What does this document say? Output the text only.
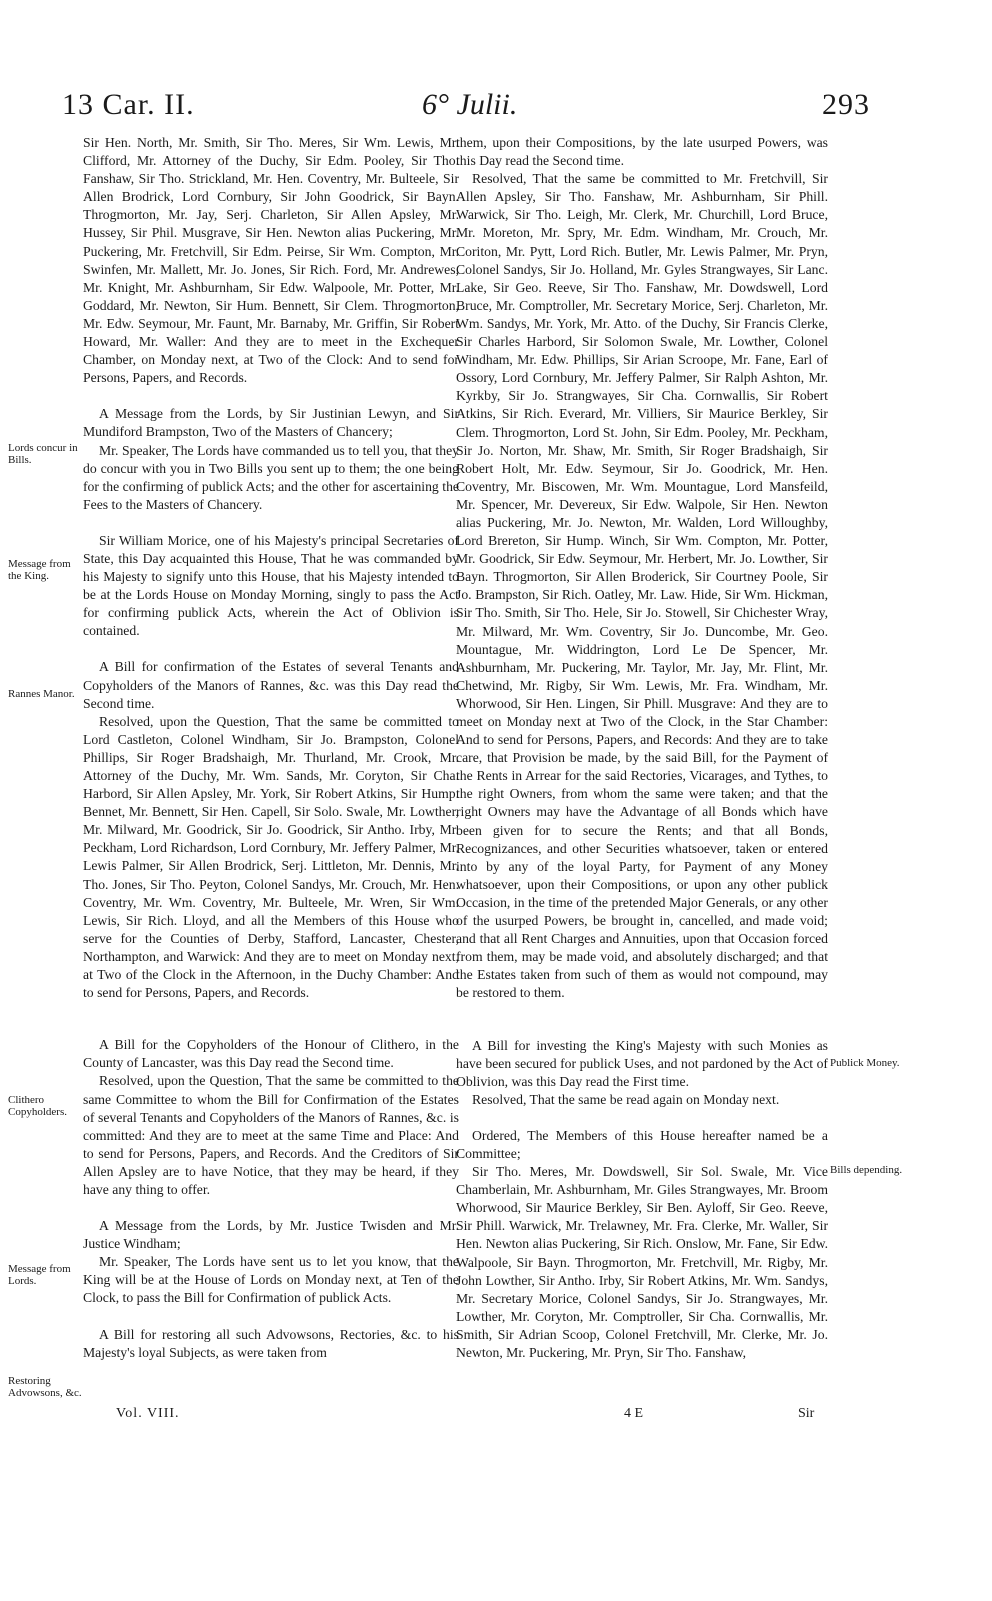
13 Car. II.	6° Julii.	293

Sir Hen. North, Mr. Smith, Sir Tho. Meres, Sir Wm. Lewis, Mr. Clifford, Mr. Attorney of the Duchy, Sir Edm. Pooley, Sir Tho. Fanshaw, Sir Tho. Strickland, Mr. Hen. Coventry, Mr. Bulteele, Sir Allen Brodrick, Lord Cornbury, Sir John Goodrick, Sir Bayn. Throgmorton, Mr. Jay, Serj. Charleton, Sir Allen Apsley, Mr. Hussey, Sir Phil. Musgrave, Sir Hen. Newton alias Puckering, Mr. Puckering, Mr. Fretchvill, Sir Edm. Peirse, Sir Wm. Compton, Mr. Swinfen, Mr. Mallett, Mr. Jo. Jones, Sir Rich. Ford, Mr. Andrewes, Mr. Knight, Mr. Ashburnham, Sir Edw. Walpoole, Mr. Potter, Mr. Goddard, Mr. Newton, Sir Hum. Bennett, Sir Clem. Throgmorton, Mr. Edw. Seymour, Mr. Faunt, Mr. Barnaby, Mr. Griffin, Sir Robert Howard, Mr. Waller: And they are to meet in the Exchequer Chamber, on Monday next, at Two of the Clock: And to send for Persons, Papers, and Records.

A Message from the Lords, by Sir Justinian Lewyn, and Sir Mundiford Brampston, Two of the Masters of Chancery;

Mr. Speaker, The Lords have commanded us to tell you, that they do concur with you in Two Bills you sent up to them; the one being for the confirming of publick Acts; and the other for ascertaining the Fees to the Masters of Chancery.

Sir William Morice, one of his Majesty's principal Secretaries of State, this Day acquainted this House, That he was commanded by his Majesty to signify unto this House, that his Majesty intended to be at the Lords House on Monday Morning, singly to pass the Act for confirming publick Acts, wherein the Act of Oblivion is contained.

A Bill for confirmation of the Estates of several Tenants and Copyholders of the Manors of Rannes, &c. was this Day read the Second time.

Resolved, upon the Question, That the same be committed to Lord Castleton, Colonel Windham, Sir Jo. Brampston, Colonel Phillips, Sir Roger Bradshaigh, Mr. Thurland, Mr. Crook, Mr. Attorney of the Duchy, Mr. Wm. Sands, Mr. Coryton, Sir Cha. Harbord, Sir Allen Apsley, Mr. York, Sir Robert Atkins, Sir Hump. Bennet, Mr. Bennett, Sir Hen. Capell, Sir Solo. Swale, Mr. Lowther, Mr. Milward, Mr. Goodrick, Sir Jo. Goodrick, Sir Antho. Irby, Mr. Peckham, Lord Richardson, Lord Cornbury, Mr. Jeffery Palmer, Mr. Lewis Palmer, Sir Allen Brodrick, Serj. Littleton, Mr. Dennis, Mr. Tho. Jones, Sir Tho. Peyton, Colonel Sandys, Mr. Crouch, Mr. Hen. Coventry, Mr. Wm. Coventry, Mr. Bulteele, Mr. Wren, Sir Wm. Lewis, Sir Rich. Lloyd, and all the Members of this House who serve for the Counties of Derby, Stafford, Lancaster, Chester, Northampton, and Warwick: And they are to meet on Monday next, at Two of the Clock in the Afternoon, in the Duchy Chamber: And to send for Persons, Papers, and Records.

A Bill for the Copyholders of the Honour of Clithero, in the County of Lancaster, was this Day read the Second time.

Resolved, upon the Question, That the same be committed to the same Committee to whom the Bill for Confirmation of the Estates of several Tenants and Copyholders of the Manors of Rannes, &c. is committed: And they are to meet at the same Time and Place: And to send for Persons, Papers, and Records. And the Creditors of Sir Allen Apsley are to have Notice, that they may be heard, if they have any thing to offer.

A Message from the Lords, by Mr. Justice Twisden and Mr. Justice Windham;

Mr. Speaker, The Lords have sent us to let you know, that the King will be at the House of Lords on Monday next, at Ten of the Clock, to pass the Bill for Confirmation of publick Acts.

A Bill for restoring all such Advowsons, Rectories, &c. to his Majesty's loyal Subjects, as were taken from

them, upon their Compositions, by the late usurped Powers, was this Day read the Second time.

Resolved, That the same be committed to Mr. Fretchvill, Sir Allen Apsley, Sir Tho. Fanshaw, Mr. Ashburnham, Sir Phill. Warwick, Sir Tho. Leigh, Mr. Clerk, Mr. Churchill, Lord Bruce, Mr. Moreton, Mr. Spry, Mr. Edm. Windham, Mr. Crouch, Mr. Coriton, Mr. Pytt, Lord Rich. Butler, Mr. Lewis Palmer, Mr. Pryn, Colonel Sandys, Sir Jo. Holland, Mr. Gyles Strangwayes, Sir Lanc. Lake, Sir Geo. Reeve, Sir Tho. Fanshaw, Mr. Dowdswell, Lord Bruce, Mr. Comptroller, Mr. Secretary Morice, Serj. Charleton, Mr. Wm. Sandys, Mr. York, Mr. Atto. of the Duchy, Sir Francis Clerke, Sir Charles Harbord, Sir Solomon Swale, Mr. Lowther, Colonel Windham, Mr. Edw. Phillips, Sir Arian Scroope, Mr. Fane, Earl of Ossory, Lord Cornbury, Mr. Jeffery Palmer, Sir Ralph Ashton, Mr. Kyrkby, Sir Jo. Strangwayes, Sir Cha. Cornwallis, Sir Robert Atkins, Sir Rich. Everard, Mr. Villiers, Sir Maurice Berkley, Sir Clem. Throgmorton, Lord St. John, Sir Edm. Pooley, Mr. Peckham, Sir Jo. Norton, Mr. Shaw, Mr. Smith, Sir Roger Bradshaigh, Sir Robert Holt, Mr. Edw. Seymour, Sir Jo. Goodrick, Mr. Hen. Coventry, Mr. Biscowen, Mr. Wm. Mountague, Lord Mansfeild, Mr. Spencer, Mr. Devereux, Sir Edw. Walpole, Sir Hen. Newton alias Puckering, Mr. Jo. Newton, Mr. Walden, Lord Willoughby, Lord Brereton, Sir Hump. Winch, Sir Wm. Compton, Mr. Potter, Mr. Goodrick, Sir Edw. Seymour, Mr. Herbert, Mr. Jo. Lowther, Sir Bayn. Throgmorton, Sir Allen Broderick, Sir Courtney Poole, Sir Jo. Brampston, Sir Rich. Oatley, Mr. Law. Hide, Sir Wm. Hickman, Sir Tho. Smith, Sir Tho. Hele, Sir Jo. Stowell, Sir Chichester Wray, Mr. Milward, Mr. Wm. Coventry, Sir Jo. Duncombe, Mr. Geo. Mountague, Mr. Widdrington, Lord Le De Spencer, Mr. Ashburnham, Mr. Puckering, Mr. Taylor, Mr. Jay, Mr. Flint, Mr. Chetwind, Mr. Rigby, Sir Wm. Lewis, Mr. Fra. Windham, Mr. Whorwood, Sir Hen. Lingen, Sir Phill. Musgrave: And they are to meet on Monday next at Two of the Clock, in the Star Chamber: And to send for Persons, Papers, and Records: And they are to take care, that Provision be made, by the said Bill, for the Payment of the Rents in Arrear for the said Rectories, Vicarages, and Tythes, to the right Owners, from whom the same were taken; and that the right Owners may have the Advantage of all Bonds which have been given for to secure the Rents; and that all Bonds, Recognizances, and other Securities whatsoever, taken or entered into by any of the loyal Party, for Payment of any Money whatsoever, upon their Compositions, or upon any other publick Occasion, in the time of the pretended Major Generals, or any other of the usurped Powers, be brought in, cancelled, and made void; and that all Rent Charges and Annuities, upon that Occasion forced from them, may be made void, and absolutely discharged; and that the Estates taken from such of them as would not compound, may be restored to them.

A Bill for investing the King's Majesty with such Monies as have been secured for publick Uses, and not pardoned by the Act of Oblivion, was this Day read the First time.

Resolved, That the same be read again on Monday next.

Ordered, The Members of this House hereafter named be a Committee;

Sir Tho. Meres, Mr. Dowdswell, Sir Sol. Swale, Mr. Vice Chamberlain, Mr. Ashburnham, Mr. Giles Strangwayes, Mr. Broom Whorwood, Sir Maurice Berkley, Sir Ben. Ayloff, Sir Geo. Reeve, Sir Phill. Warwick, Mr. Trelawney, Mr. Fra. Clerke, Mr. Waller, Sir Hen. Newton alias Puckering, Sir Rich. Onslow, Mr. Fane, Sir Edw. Walpoole, Sir Bayn. Throgmorton, Mr. Fretchvill, Mr. Rigby, Mr. John Lowther, Sir Antho. Irby, Sir Robert Atkins, Mr. Wm. Sandys, Mr. Secretary Morice, Colonel Sandys, Sir Jo. Strangwayes, Mr. Lowther, Mr. Coryton, Mr. Comptroller, Sir Cha. Cornwallis, Mr. Smith, Sir Adrian Scoop, Colonel Fretchvill, Mr. Clerke, Mr. Jo. Newton, Mr. Puckering, Mr. Pryn, Sir Tho. Fanshaw,

Lords concur in Bills.
Message from the King.
Rannes Manor.
Clithero Copyholders.
Message from Lords.
Restoring Advowsons, &c.
Publick Money.
Bills depending.
Vol. VIII.	4 E	Sir
